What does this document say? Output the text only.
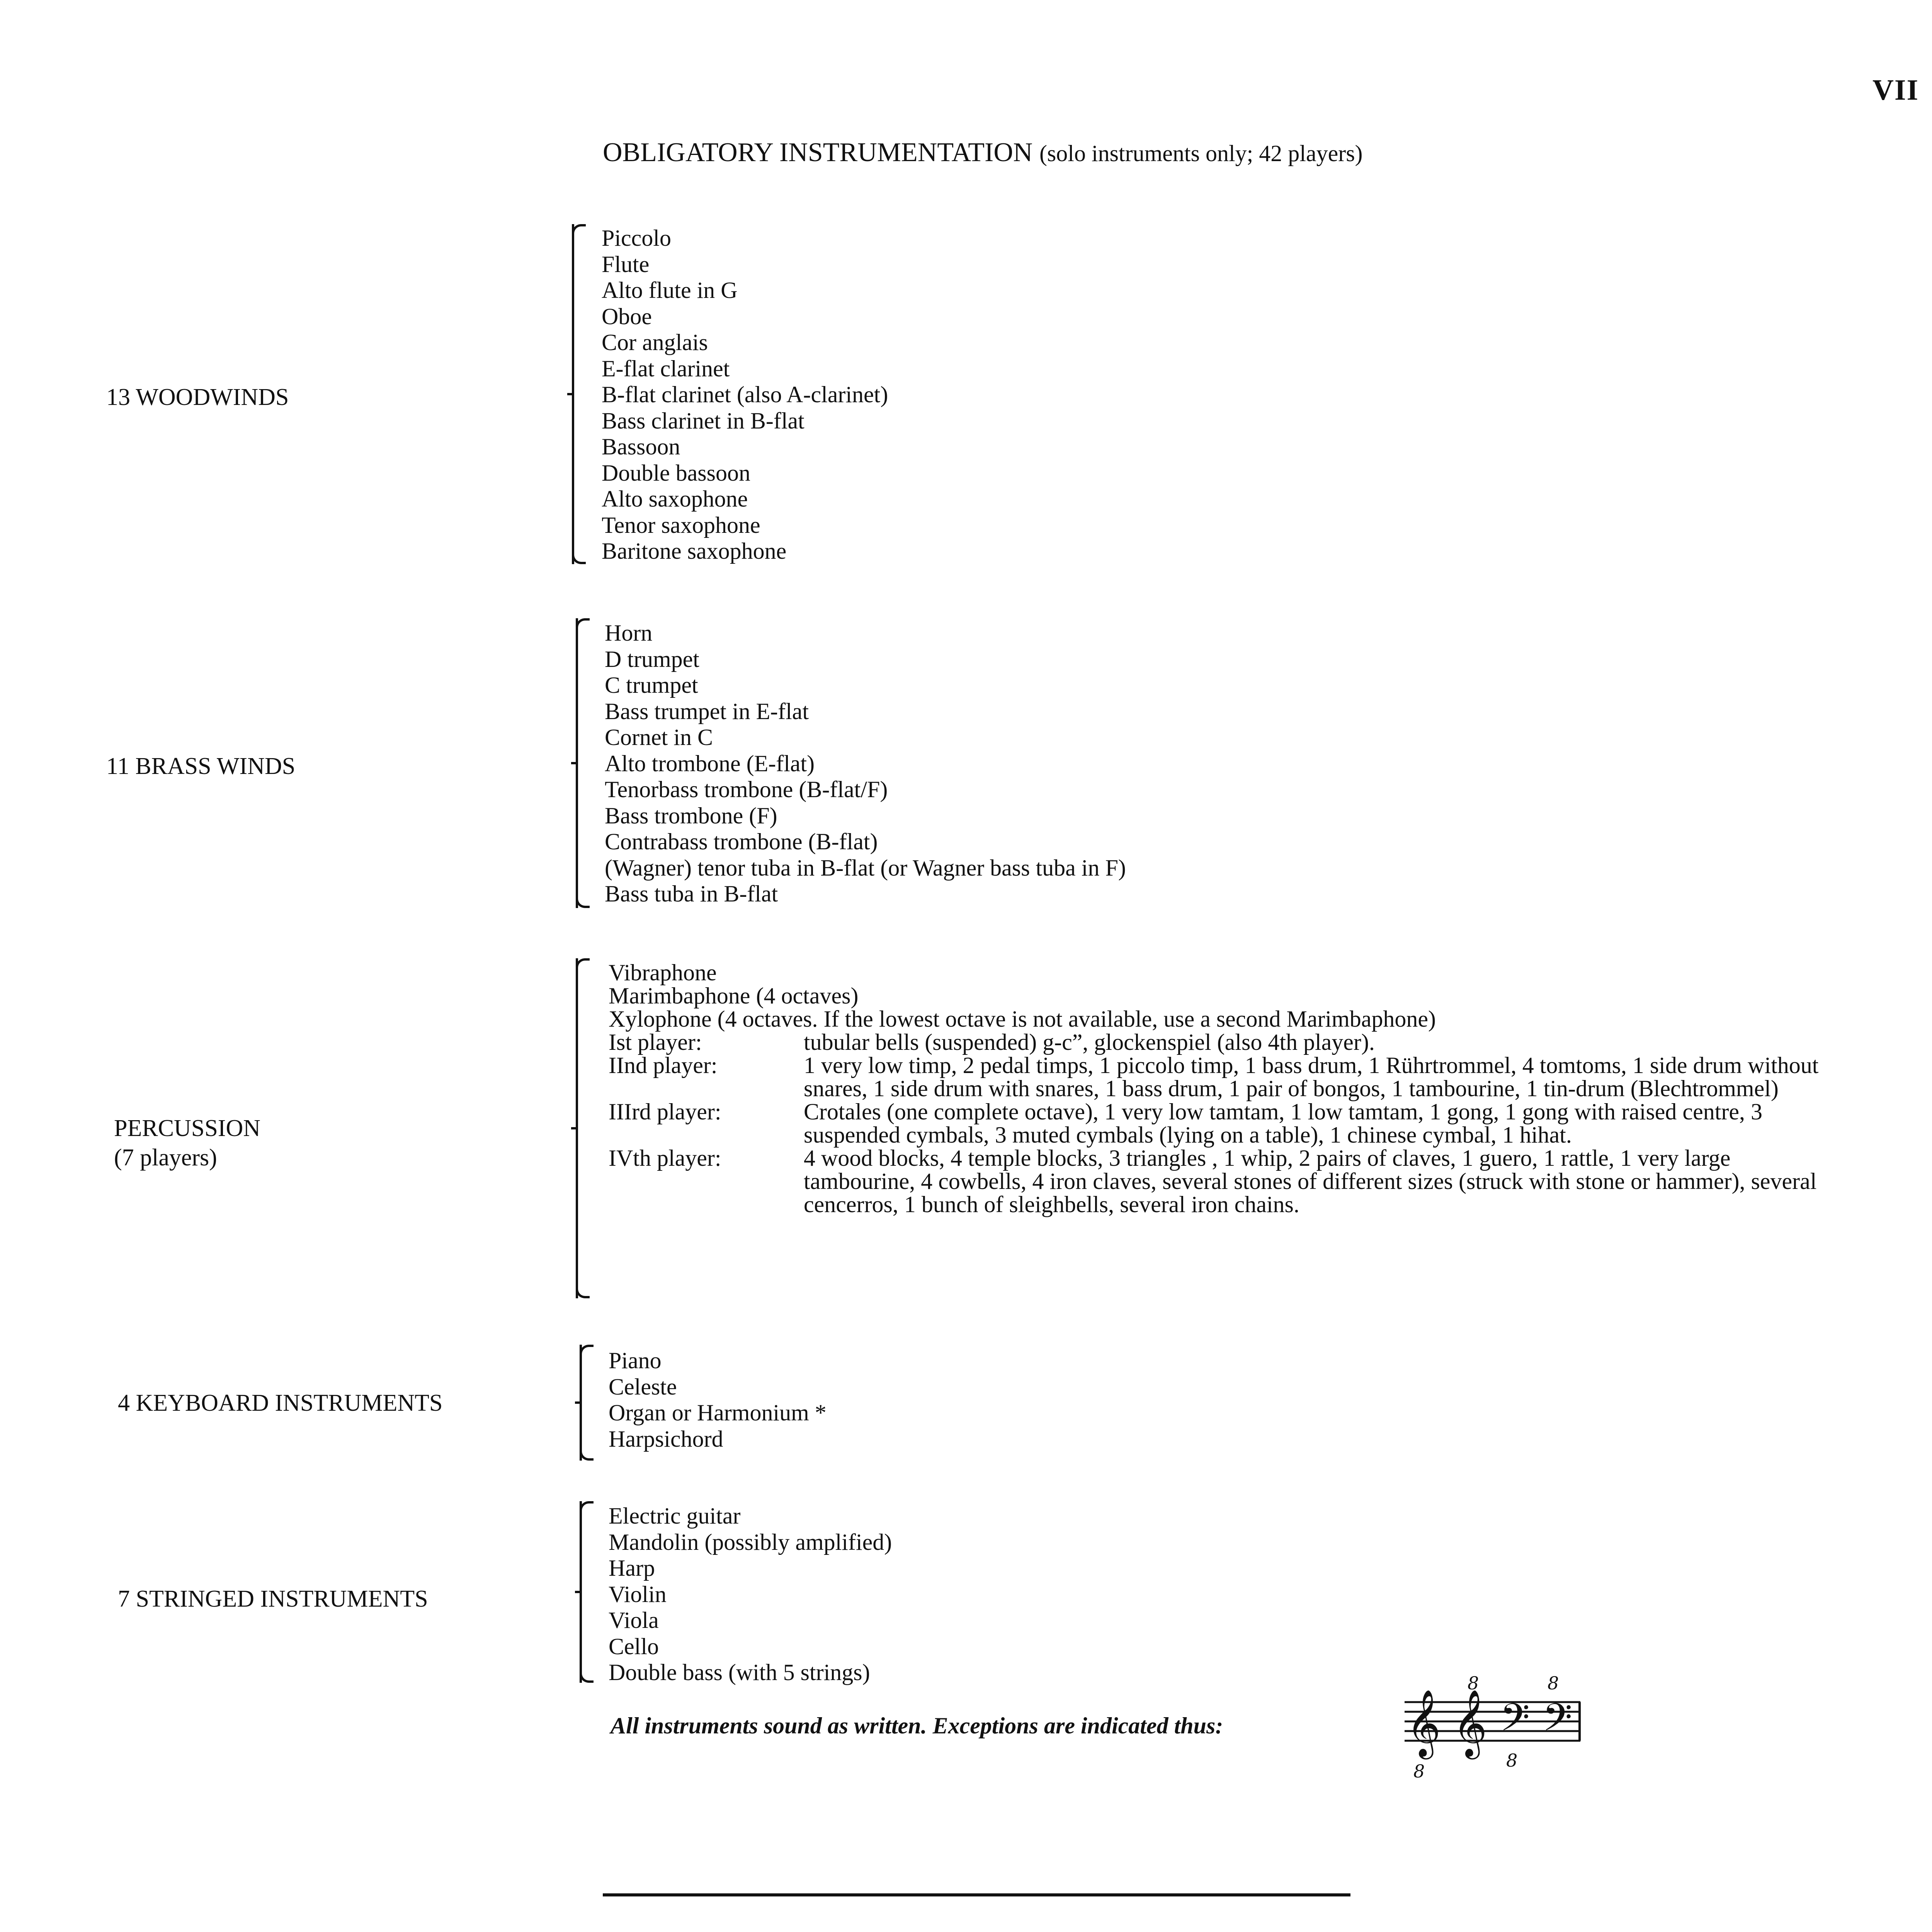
VII
OBLIGATORY INSTRUMENTATION (solo instruments only; 42 players)
13 WOODWINDS
Piccolo
Flute
Alto flute in G
Oboe
Cor anglais
E-flat clarinet
B-flat clarinet (also A-clarinet)
Bass clarinet in B-flat
Bassoon
Double bassoon
Alto saxophone
Tenor saxophone
Baritone saxophone
11 BRASS WINDS
Horn
D trumpet
C trumpet
Bass trumpet in E-flat
Cornet in C
Alto trombone (E-flat)
Tenorbass trombone (B-flat/F)
Bass trombone (F)
Contrabass trombone (B-flat)
(Wagner) tenor tuba in B-flat (or Wagner bass tuba in F)
Bass tuba in B-flat
PERCUSSION
(7 players)
Vibraphone
Marimbaphone (4 octaves)
Xylophone (4 octaves. If the lowest octave is not available, use a second Marimbaphone)
Ist player:	tubular bells (suspended) g-c”, glockenspiel (also 4th player).
IInd player:	1 very low timp, 2 pedal timps, 1 piccolo timp, 1 bass drum, 1 Rührtrommel, 4 tomtoms, 1 side drum without snares, 1 side drum with snares, 1 bass drum, 1 pair of bongos, 1 tambourine, 1 tin-drum (Blechtrommel)
IIIrd player:	Crotales (one complete octave), 1 very low tamtam, 1 low tamtam, 1 gong, 1 gong with raised centre, 3 suspended cymbals, 3 muted cymbals (lying on a table), 1 chinese cymbal, 1 hihat.
IVth player:	4 wood blocks, 4 temple blocks, 3 triangles , 1 whip, 2 pairs of claves, 1 guero, 1 rattle, 1 very large tambourine, 4 cowbells, 4 iron claves, several stones of different sizes (struck with stone or hammer), several cencerros, 1 bunch of sleighbells, several iron chains.
4 KEYBOARD INSTRUMENTS
Piano
Celeste
Organ or Harmonium *
Harpsichord
7 STRINGED INSTRUMENTS
Electric guitar
Mandolin (possibly amplified)
Harp
Violin
Viola
Cello
Double bass (with 5 strings)
All instruments sound as written. Exceptions are indicated thus:	𝄞
8
𝄞
8
𝄢
8
𝄢
8
